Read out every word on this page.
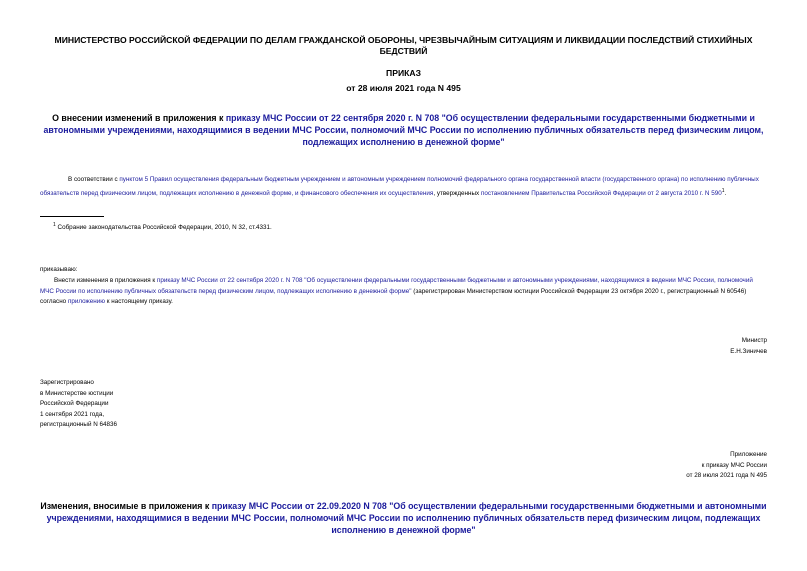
МИНИСТЕРСТВО РОССИЙСКОЙ ФЕДЕРАЦИИ ПО ДЕЛАМ ГРАЖДАНСКОЙ ОБОРОНЫ, ЧРЕЗВЫЧАЙНЫМ СИТУАЦИЯМ И ЛИКВИДАЦИИ ПОСЛЕДСТВИЙ СТИХИЙНЫХ БЕДСТВИЙ
ПРИКАЗ
от 28 июля 2021 года N 495
О внесении изменений в приложения к приказу МЧС России от 22 сентября 2020 г. N 708 "Об осуществлении федеральными государственными бюджетными и автономными учреждениями, находящимися в ведении МЧС России, полномочий МЧС России по исполнению публичных обязательств перед физическим лицом, подлежащих исполнению в денежной форме"
В соответствии с пунктом 5 Правил осуществления федеральным бюджетным учреждением и автономным учреждением полномочий федерального органа государственной власти (государственного органа) по исполнению публичных обязательств перед физическим лицом, подлежащих исполнению в денежной форме, и финансового обеспечения их осуществления, утвержденных постановлением Правительства Российской Федерации от 2 августа 2010 г. N $590^1$.
$^1$ Собрание законодательства Российской Федерации, 2010, N 32, ст.4331.
приказываю:
Внести изменения в приложения к приказу МЧС России от 22 сентября 2020 г. N 708 "Об осуществлении федеральными государственными бюджетными и автономными учреждениями, находящимися в ведении МЧС России, полномочий МЧС России по исполнению публичных обязательств перед физическим лицом, подлежащих исполнению в денежной форме" (зарегистрирован Министерством юстиции Российской Федерации 23 октября 2020 г., регистрационный N 60546) согласно приложению к настоящему приказу.
Министр
Е.Н.Зиничев
Зарегистрировано
в Министерстве юстиции
Российской Федерации
1 сентября 2021 года,
регистрационный N 64836
Приложение
к приказу МЧС России
от 28 июля 2021 года N 495
Изменения, вносимые в приложения к приказу МЧС России от 22.09.2020 N 708 "Об осуществлении федеральными государственными бюджетными и автономными учреждениями, находящимися в ведении МЧС России, полномочий МЧС России по исполнению публичных обязательств перед физическим лицом, подлежащих исполнению в денежной форме"
